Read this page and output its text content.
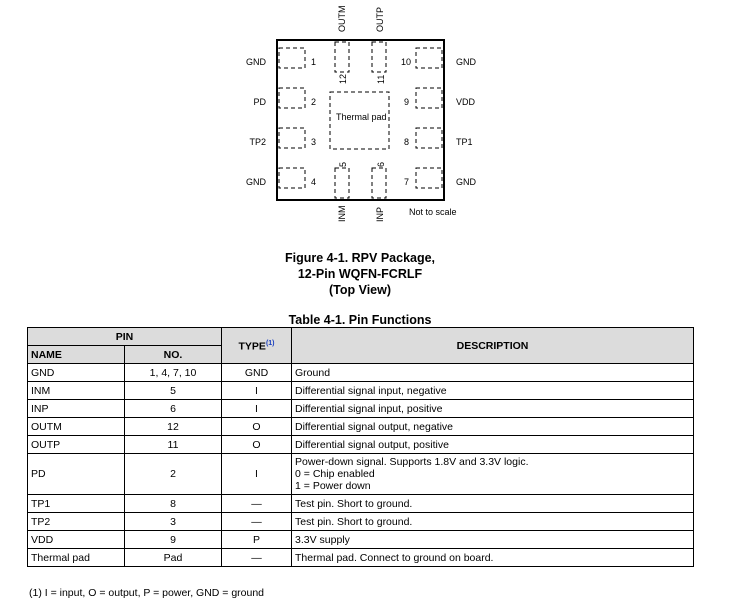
GND
PD
TP2
GND
1
2
3
4
GND
VDD
TP1
GND
10
9
8
7
OUTM	OUTP
12	11
INM	INP
5	6
Thermal pad
Not to scale
Figure 4-1. RPV Package,
12-Pin WQFN-FCRLF
(Top View)
Table 4-1. Pin Functions
PIN		TYPE$^{(1)}$	DESCRIPTION
NAME	NO.		
GND	1, 4, 7, 10	GND	Ground

INM	5	I	Differential signal input, negative

INP	6	I	Differential signal input, positive

OUTM	12	O	Differential signal output, negative

OUTP	11	O	Differential signal output, positive

PD	2	I	Power-down signal. Supports 1.8V and 3.3V logic.
0 = Chip enabled
1 = Power down

TP1	8	—	Test pin. Short to ground.

TP2	3	—	Test pin. Short to ground.

VDD	9	P	3.3V supply

Thermal pad	Pad	—	Thermal pad. Connect to ground on board.
(1) I = input, O = output, P = power, GND = ground
